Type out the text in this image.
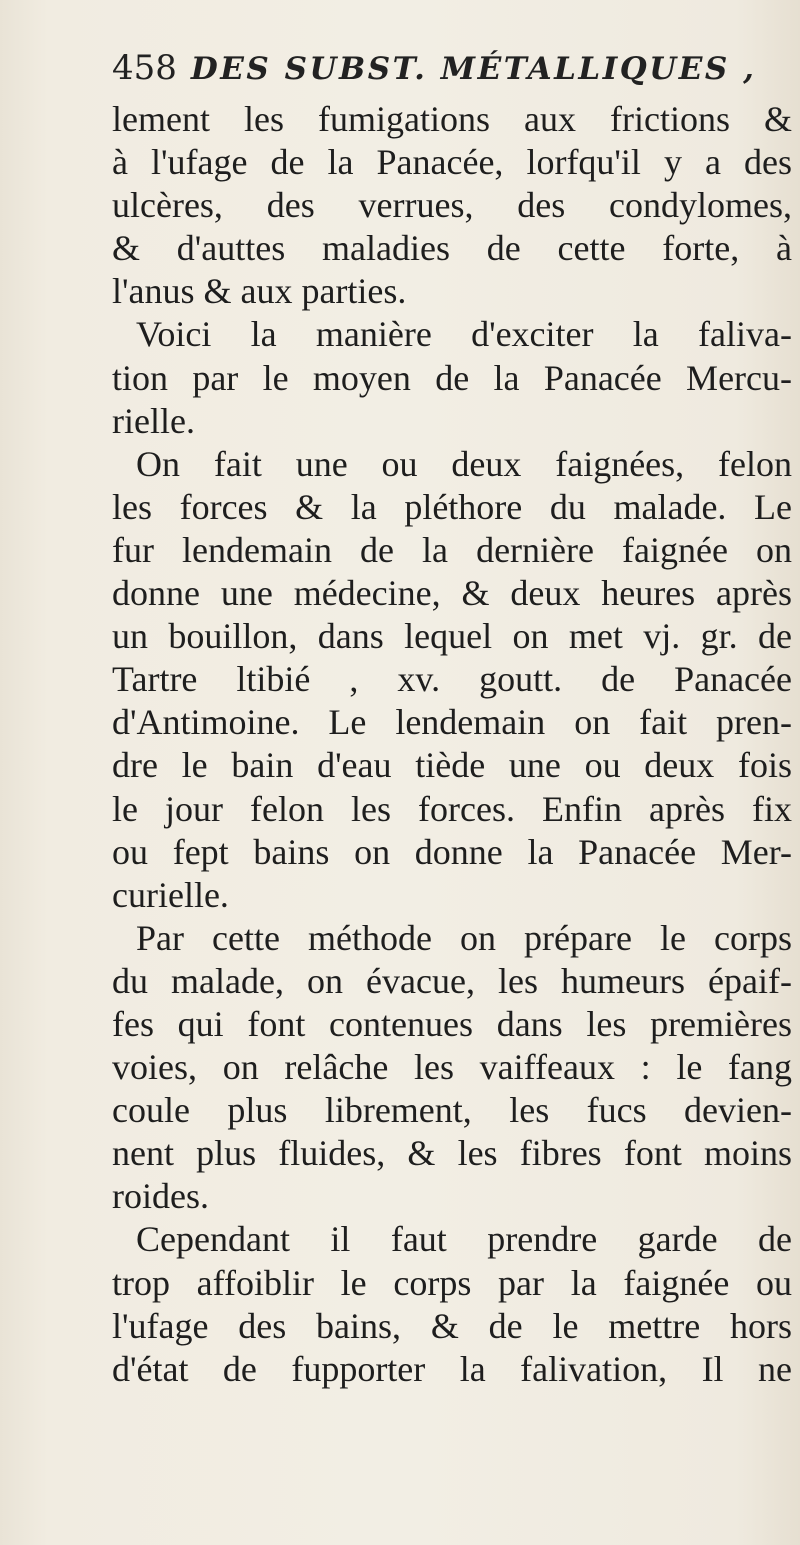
458 DES SUBST. MÉTALLIQUES ,
lement les fumigations aux frictions &
à l'ufage de la Panacée, lorfqu'il y a des
ulcères, des verrues, des condylomes,
& d'auttes maladies de cette forte, à
l'anus & aux parties.
Voici la manière d'exciter la faliva-
tion par le moyen de la Panacée Mercu-
rielle.
On fait une ou deux faignées, felon
les forces & la pléthore du malade. Le
fur lendemain de la dernière faignée on
donne une médecine, & deux heures après
un bouillon, dans lequel on met vj. gr. de
Tartre ltibié , xv. goutt. de Panacée
d'Antimoine. Le lendemain on fait pren-
dre le bain d'eau tiède une ou deux fois
le jour felon les forces. Enfin après fix
ou fept bains on donne la Panacée Mer-
curielle.
Par cette méthode on prépare le corps
du malade, on évacue, les humeurs épaif-
fes qui font contenues dans les premières
voies, on relâche les vaiffeaux : le fang
coule plus librement, les fucs devien-
nent plus fluides, & les fibres font moins
roides.
Cependant il faut prendre garde de
trop affoiblir le corps par la faignée ou
l'ufage des bains, & de le mettre hors
d'état de fupporter la falivation, Il ne
